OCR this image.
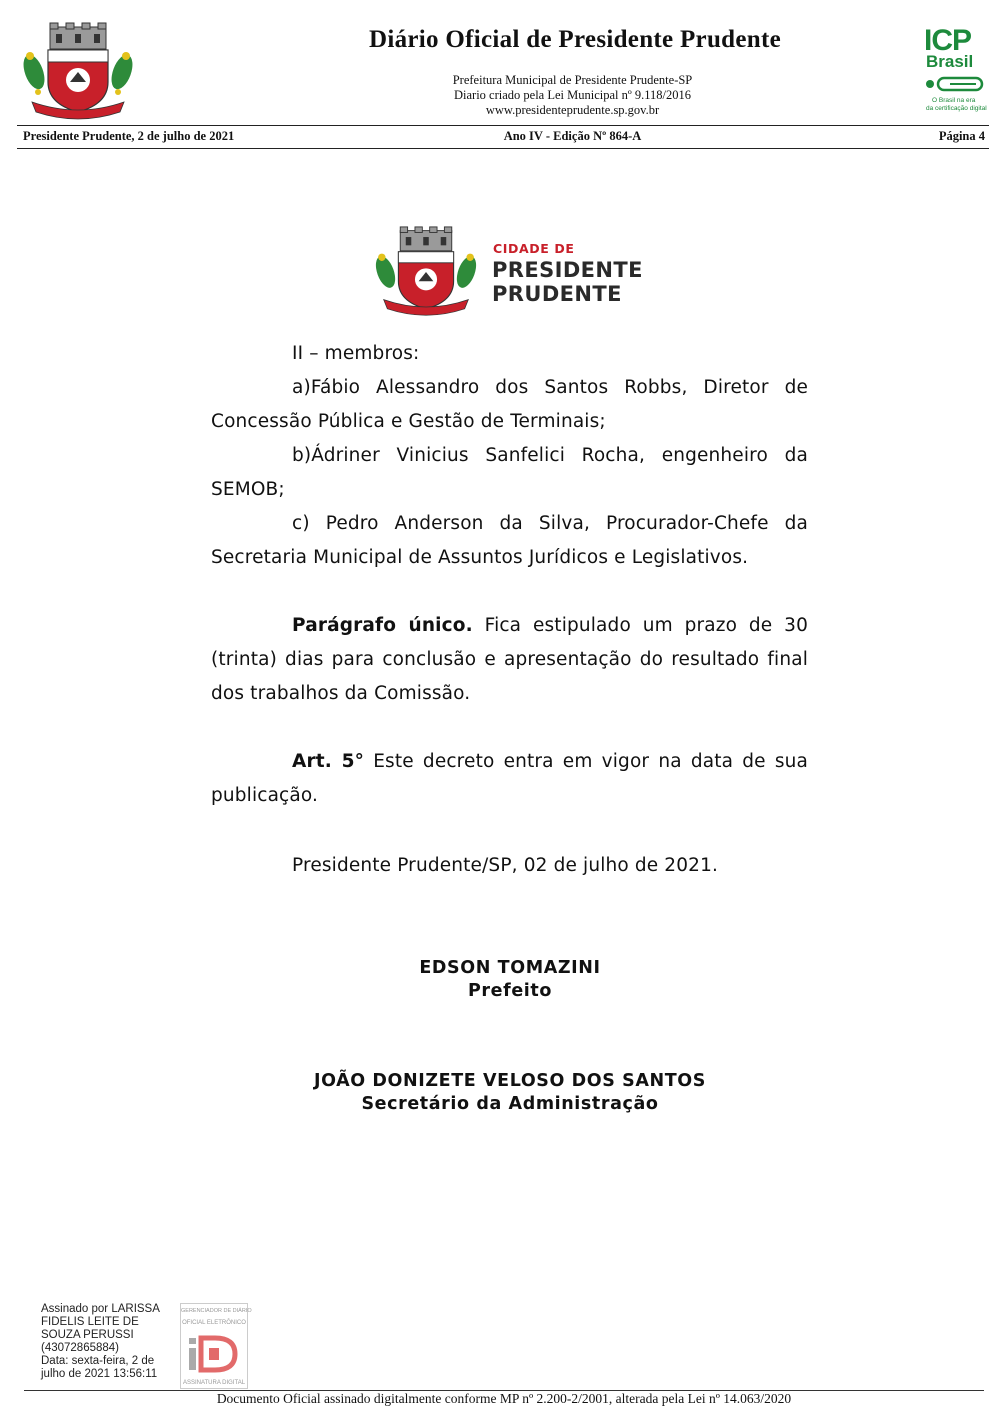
Diário Oficial de Presidente Prudente
Prefeitura Municipal de Presidente Prudente-SP
Diario criado pela Lei Municipal nº 9.118/2016
www.presidenteprudente.sp.gov.br
ICP
Brasil
O Brasil na era
da certificação digital
Presidente Prudente, 2 de julho de 2021	Ano IV - Edição Nº 864-A	Página 4
CIDADE DE
PRESIDENTE
PRUDENTE
II – membros:
a)Fábio Alessandro dos Santos Robbs, Diretor de Concessão Pública e Gestão de Terminais;
b)Ádriner Vinicius Sanfelici Rocha, engenheiro da SEMOB;
c) Pedro Anderson da Silva, Procurador-Chefe da Secretaria Municipal de Assuntos Jurídicos e Legislativos.
Parágrafo único. Fica estipulado um prazo de 30 (trinta) dias para conclusão e apresentação do resultado final dos trabalhos da Comissão.
Art. 5° Este decreto entra em vigor na data de sua publicação.
Presidente Prudente/SP, 02 de julho de 2021.
EDSON TOMAZINI
Prefeito
JOÃO DONIZETE VELOSO DOS SANTOS
Secretário da Administração
Assinado por LARISSA
FIDELIS LEITE DE
SOUZA PERUSSI
(43072865884)
Data: sexta-feira, 2 de
julho de 2021 13:56:11
GERENCIADOR DE DIÁRIO
OFICIAL ELETRÔNICO
ASSINATURA DIGITAL
Documento Oficial assinado digitalmente conforme MP nº 2.200-2/2001, alterada pela Lei nº 14.063/2020
